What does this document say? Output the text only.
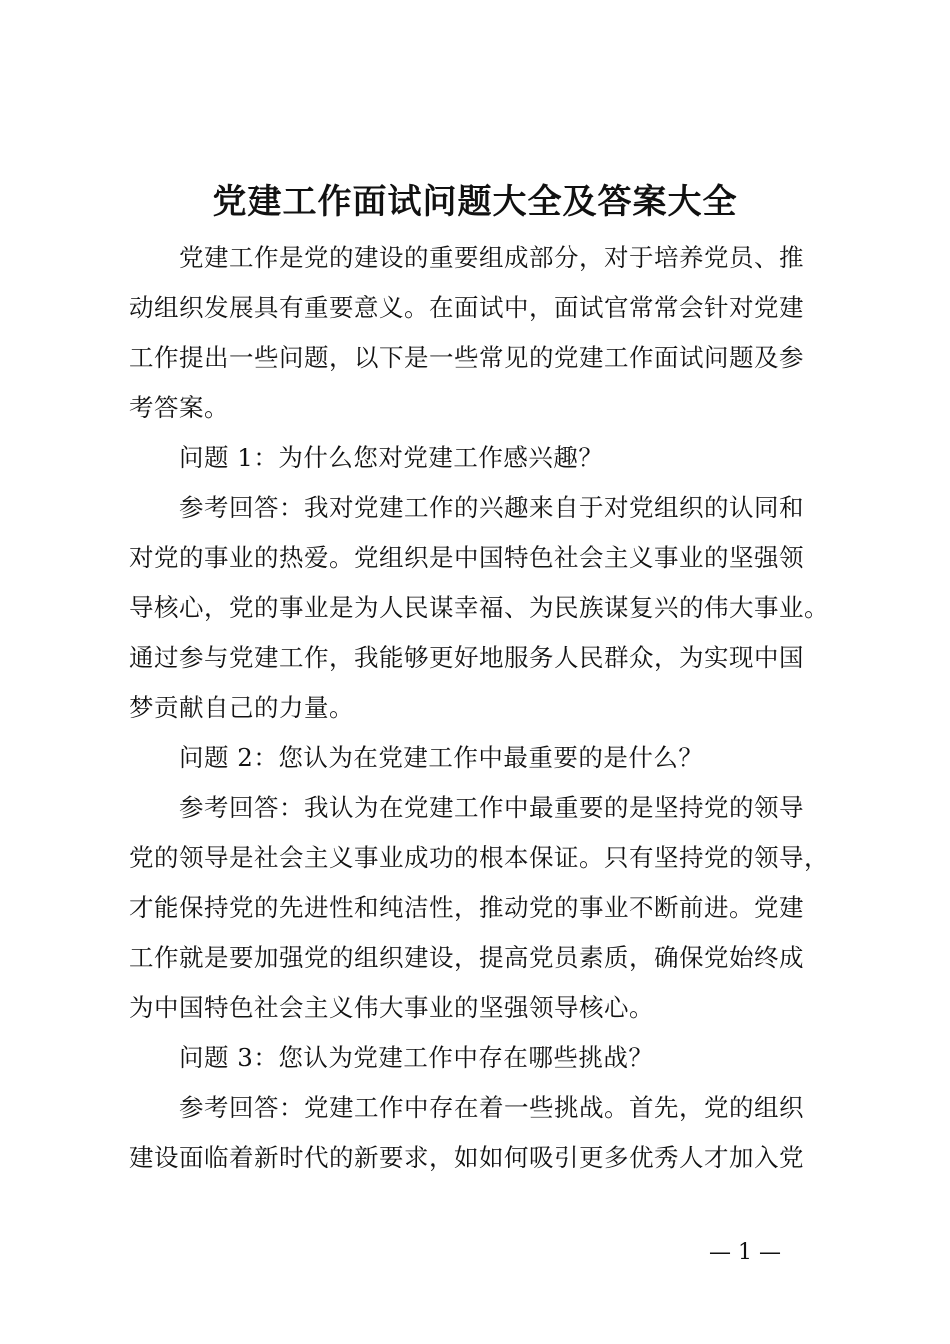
党建工作面试问题大全及答案大全
党建工作是党的建设的重要组成部分，对于培养党员、推
动组织发展具有重要意义。在面试中，面试官常常会针对党建
工作提出一些问题，以下是一些常见的党建工作面试问题及参
考答案。
问题 1：为什么您对党建工作感兴趣？
参考回答：我对党建工作的兴趣来自于对党组织的认同和
对党的事业的热爱。党组织是中国特色社会主义事业的坚强领
导核心，党的事业是为人民谋幸福、为民族谋复兴的伟大事业。
通过参与党建工作，我能够更好地服务人民群众，为实现中国
梦贡献自己的力量。
问题 2：您认为在党建工作中最重要的是什么？
参考回答：我认为在党建工作中最重要的是坚持党的领导
党的领导是社会主义事业成功的根本保证。只有坚持党的领导，
才能保持党的先进性和纯洁性，推动党的事业不断前进。党建
工作就是要加强党的组织建设，提高党员素质，确保党始终成
为中国特色社会主义伟大事业的坚强领导核心。
问题 3：您认为党建工作中存在哪些挑战？
参考回答：党建工作中存在着一些挑战。首先，党的组织
建设面临着新时代的新要求，如如何吸引更多优秀人才加入党
— 1 —
